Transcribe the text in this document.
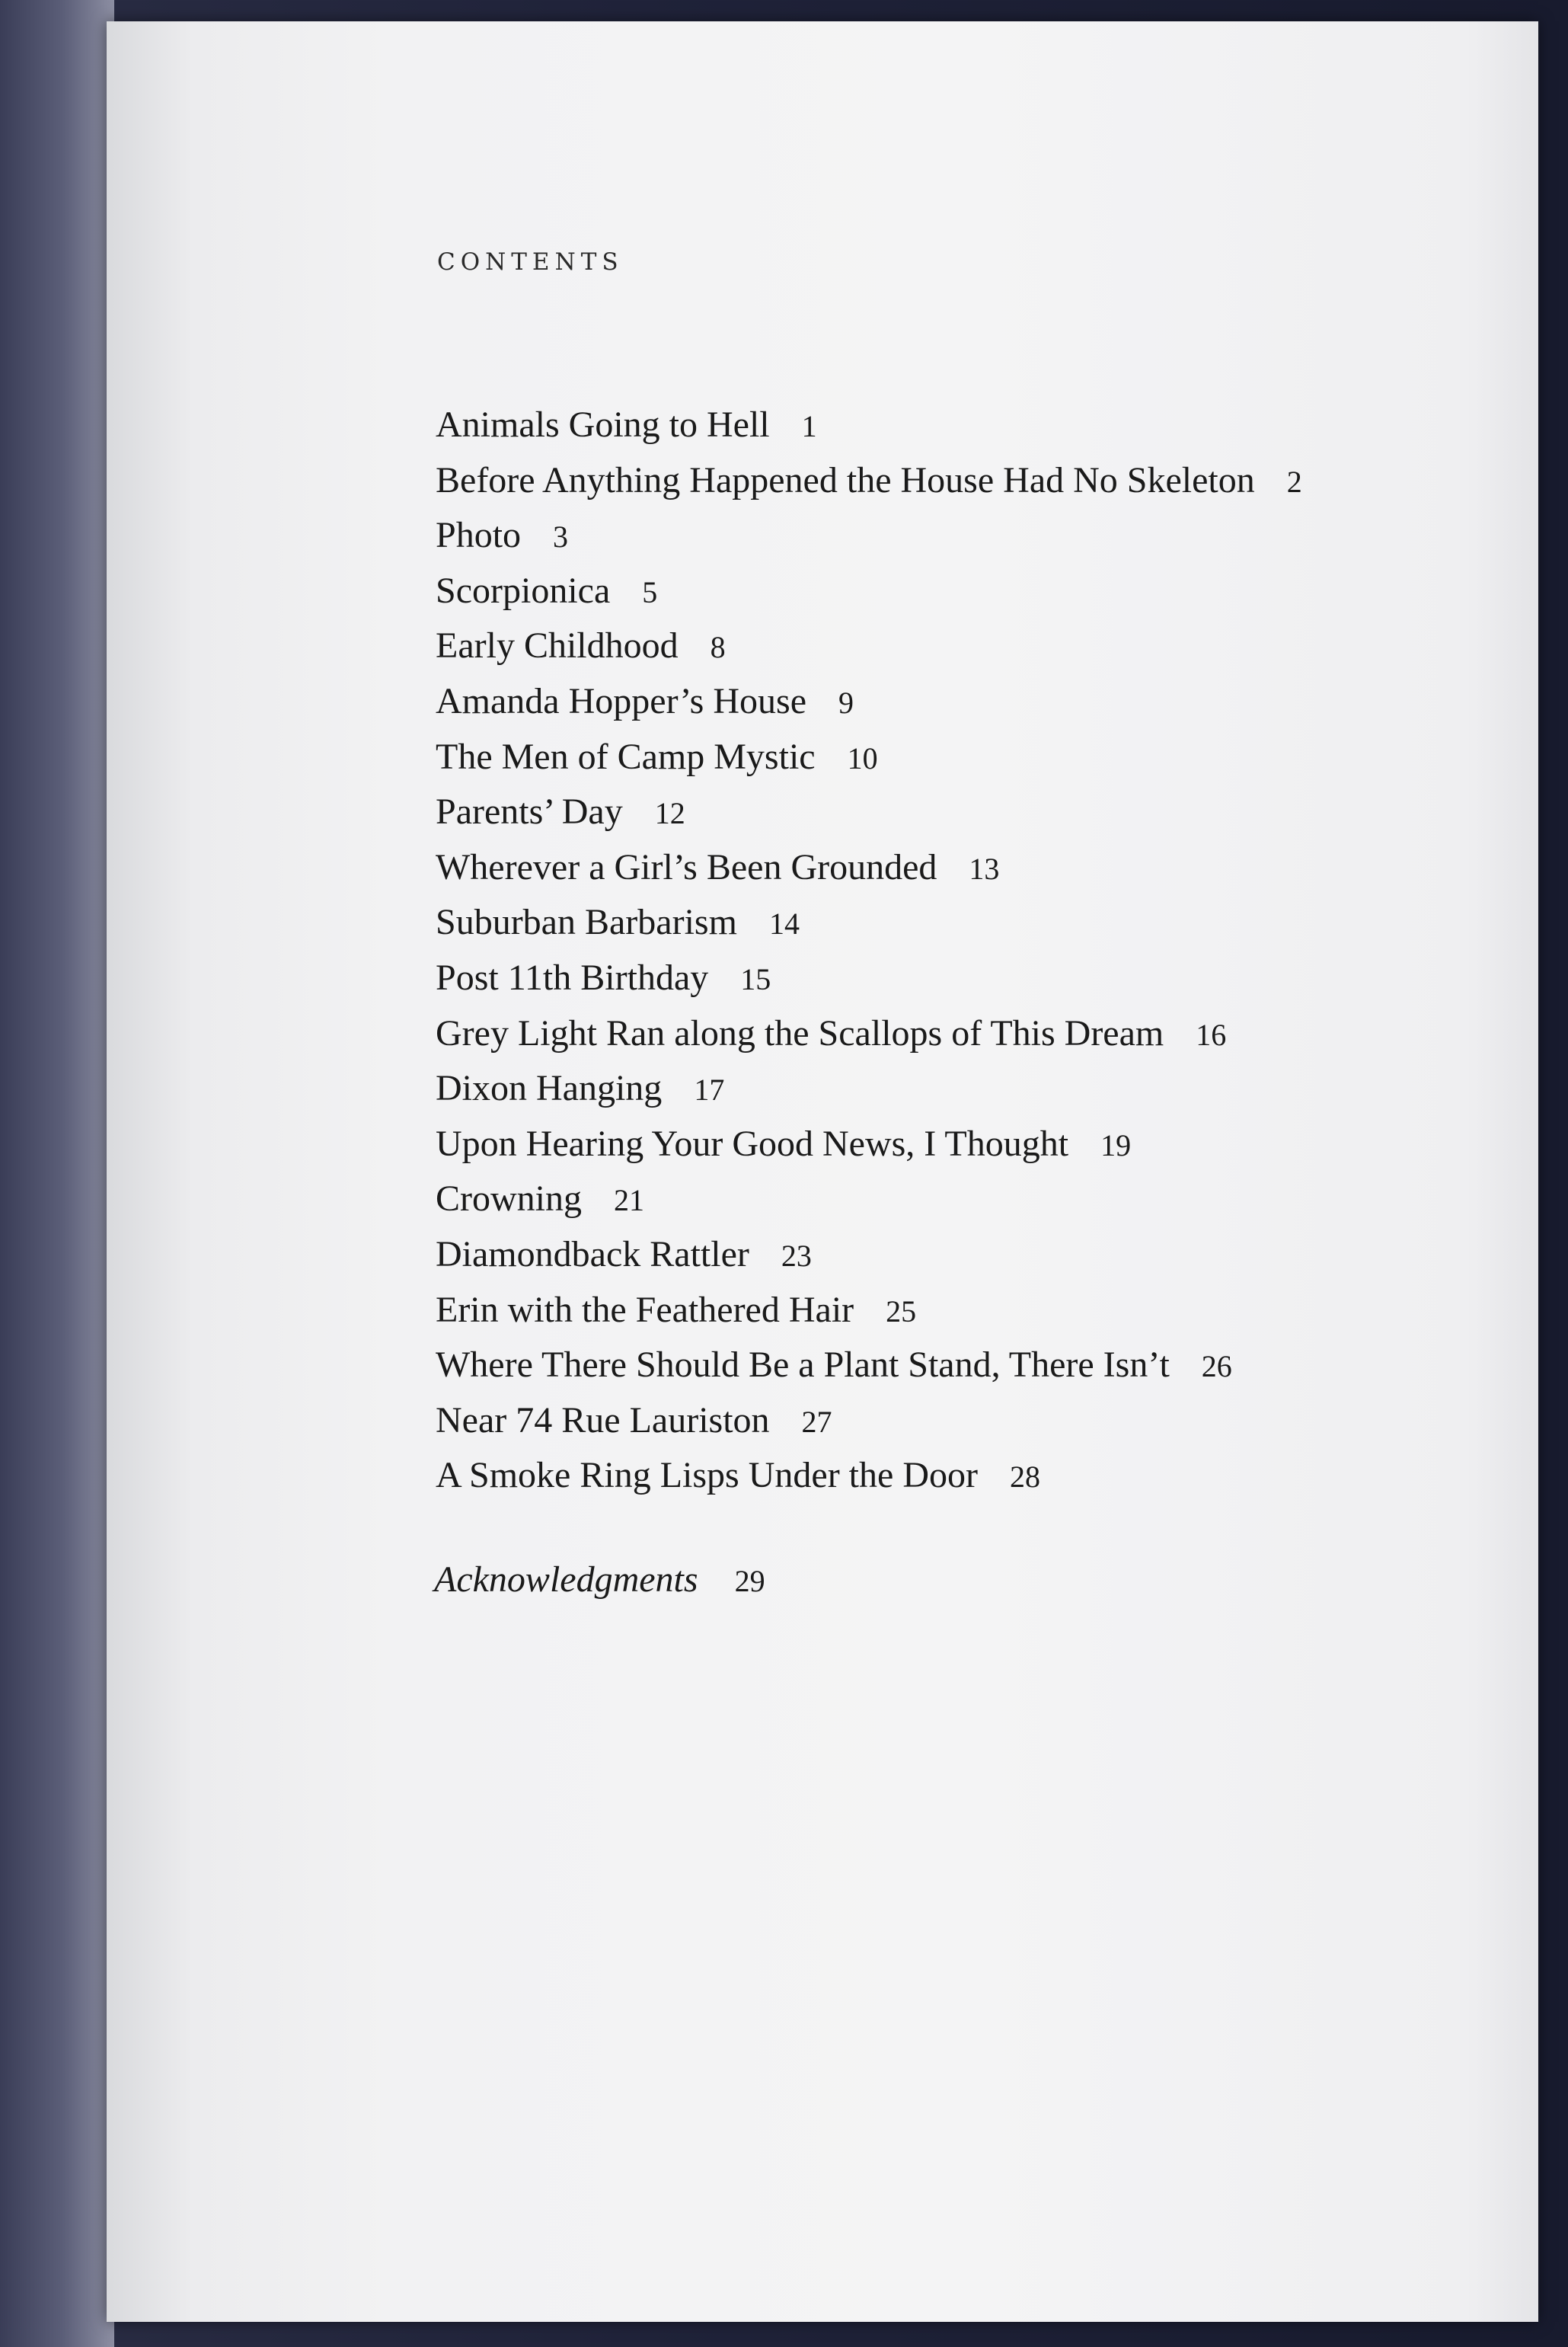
CONTENTS
Animals Going to Hell 1
Before Anything Happened the House Had No Skeleton 2
Photo 3
Scorpionica 5
Early Childhood 8
Amanda Hopper’s House 9
The Men of Camp Mystic 10
Parents’ Day 12
Wherever a Girl’s Been Grounded 13
Suburban Barbarism 14
Post 11th Birthday 15
Grey Light Ran along the Scallops of This Dream 16
Dixon Hanging 17
Upon Hearing Your Good News, I Thought 19
Crowning 21
Diamondback Rattler 23
Erin with the Feathered Hair 25
Where There Should Be a Plant Stand, There Isn’t 26
Near 74 Rue Lauriston 27
A Smoke Ring Lisps Under the Door 28
Acknowledgments 29
